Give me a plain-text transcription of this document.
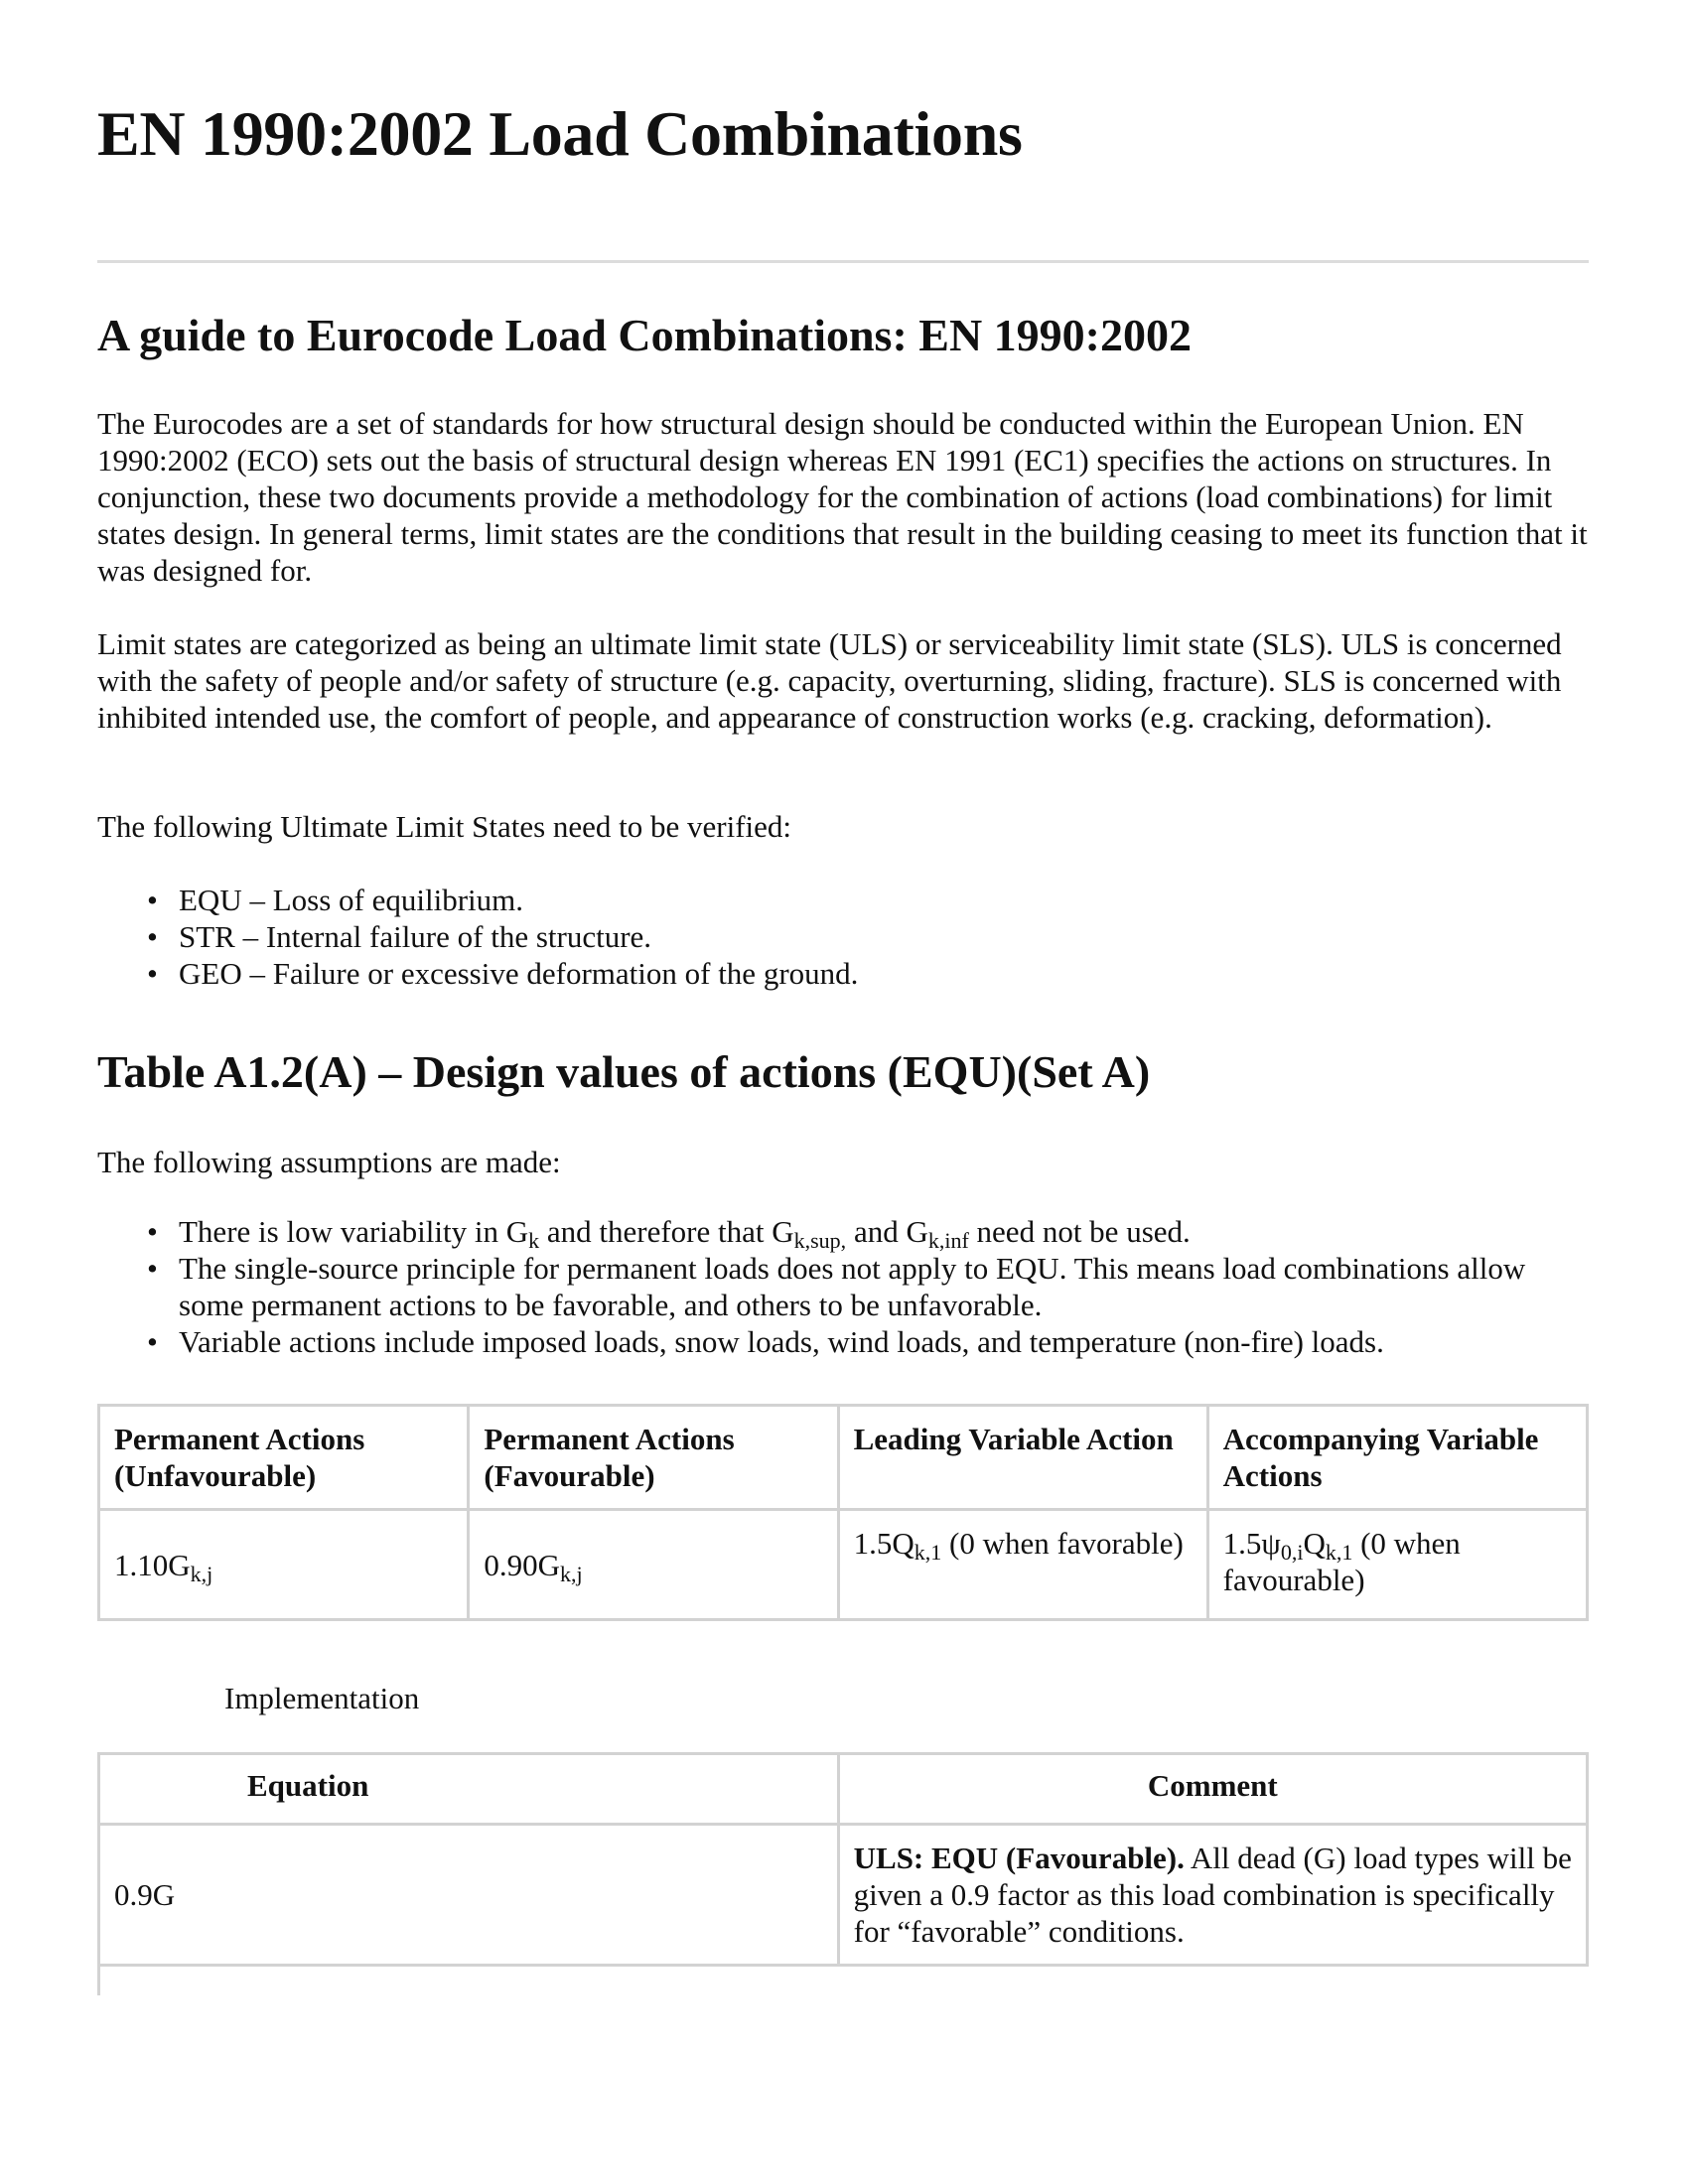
EN 1990:2002 Load Combinations
A guide to Eurocode Load Combinations: EN 1990:2002

The Eurocodes are a set of standards for how structural design should be conducted within the European Union. EN 1990:2002 (ECO) sets out the basis of structural design whereas EN 1991 (EC1) specifies the actions on structures. In conjunction, these two documents provide a methodology for the combination of actions (load combinations) for limit states design. In general terms, limit states are the conditions that result in the building ceasing to meet its function that it was designed for.

Limit states are categorized as being an ultimate limit state (ULS) or serviceability limit state (SLS). ULS is concerned with the safety of people and/or safety of structure (e.g. capacity, overturning, sliding, fracture). SLS is concerned with inhibited intended use, the comfort of people, and appearance of construction works (e.g. cracking, deformation).

The following Ultimate Limit States need to be verified:

• EQU – Loss of equilibrium.
• STR – Internal failure of the structure.
• GEO – Failure or excessive deformation of the ground.
Table A1.2(A) – Design values of actions (EQU)(Set A)

The following assumptions are made:

• There is low variability in $G_k$ and therefore that $G_{k,sup,}$ and $G_{k,inf}$ need not be used.
• The single-source principle for permanent loads does not apply to EQU. This means load combinations allow some permanent actions to be favorable, and others to be unfavorable.
• Variable actions include imposed loads, snow loads, wind loads, and temperature (non-fire) loads.
Permanent Actions (Unfavourable)	Permanent Actions (Favourable)	Leading Variable Action	Accompanying Variable Actions
$1.10G_{k,j}$	$0.90G_{k,j}$	$1.5Q_{k,1}$ (0 when favorable)	$1.5\psi_{0,i}Q_{k,1}$ (0 when favourable)

Implementation

Equation	Comment
0.9G	ULS: EQU (Favourable). All dead (G) load types will be given a 0.9 factor as this load combination is specifically for “favorable” conditions.
